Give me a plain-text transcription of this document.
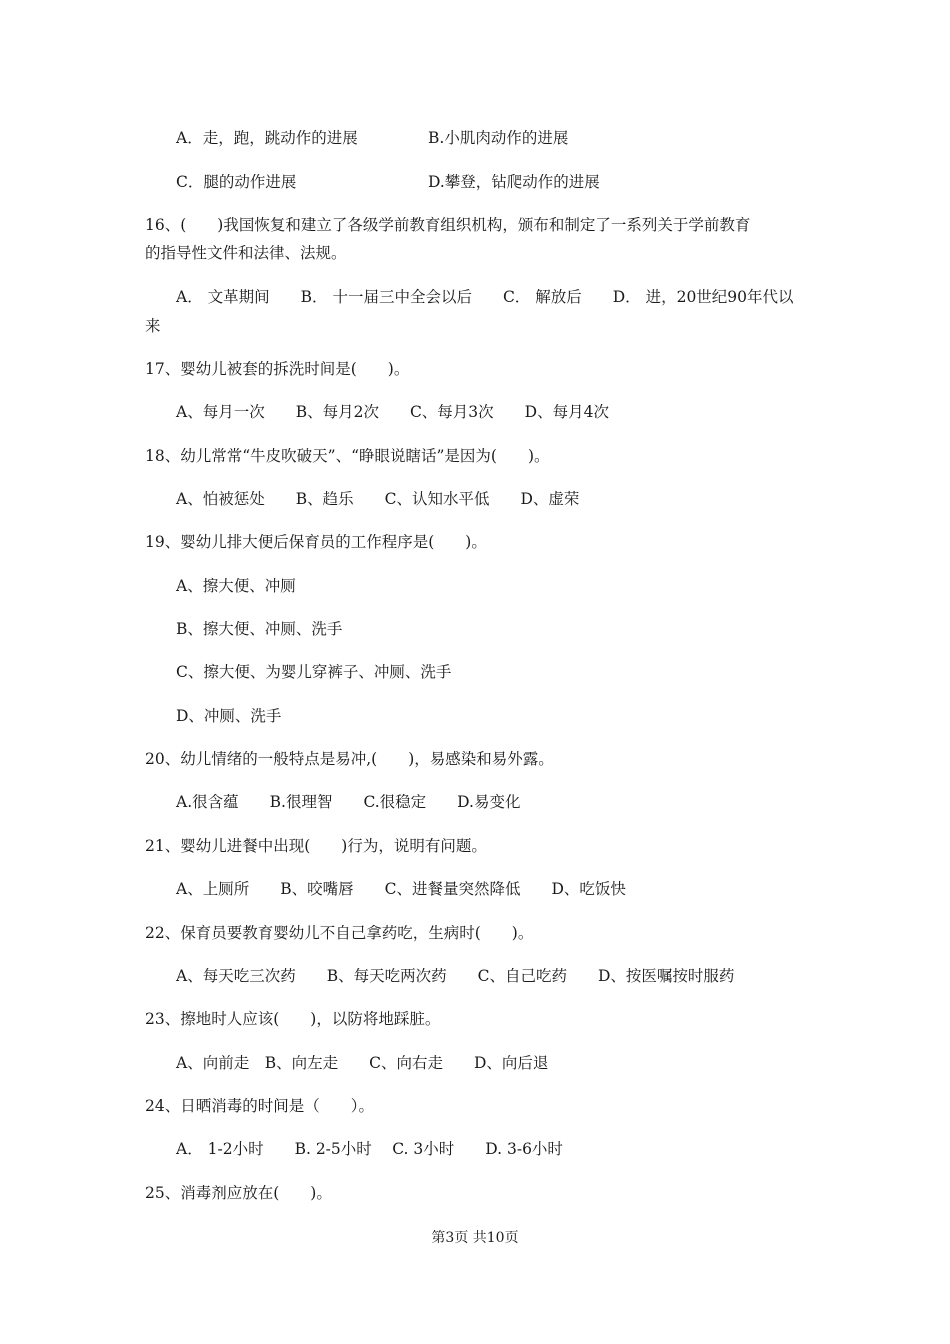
A．走，跑，跳动作的进展	B.小肌肉动作的进展
C．腿的动作进展	D.攀登，钻爬动作的进展
16、(　　)我国恢复和建立了各级学前教育组织机构，颁布和制定了一系列关于学前教育
的指导性文件和法律、法规。
A． 文革期间　　B． 十一届三中全会以后　　C． 解放后　　D． 进，20世纪90年代以
来
17、婴幼儿被套的拆洗时间是(　　)。
A、每月一次　　B、每月2次　　C、每月3次　　D、每月4次
18、幼儿常常“牛皮吹破天”、“睁眼说瞎话”是因为(　　)。
A、怕被惩处　　B、趋乐　　C、认知水平低　　D、虚荣
19、婴幼儿排大便后保育员的工作程序是(　　)。
A、擦大便、冲厕
B、擦大便、冲厕、洗手
C、擦大便、为婴儿穿裤子、冲厕、洗手
D、冲厕、洗手
20、幼儿情绪的一般特点是易冲,(　　)，易感染和易外露。
A.很含蕴　　B.很理智　　C.很稳定　　D.易变化
21、婴幼儿进餐中出现(　　)行为，说明有问题。
A、上厕所　　B、咬嘴唇　　C、进餐量突然降低　　D、吃饭快
22、保育员要教育婴幼儿不自己拿药吃，生病时(　　)。
A、每天吃三次药　　B、每天吃两次药　　C、自己吃药　　D、按医嘱按时服药
23、擦地时人应该(　　)，以防将地踩脏。
A、向前走　B、向左走　　C、向右走　　D、向后退
24、日晒消毒的时间是（　　）。
A． 1-2小时　　B. 2-5小时　 C. 3小时　　D. 3-6小时
25、消毒剂应放在(　　)。
第3页 共10页
